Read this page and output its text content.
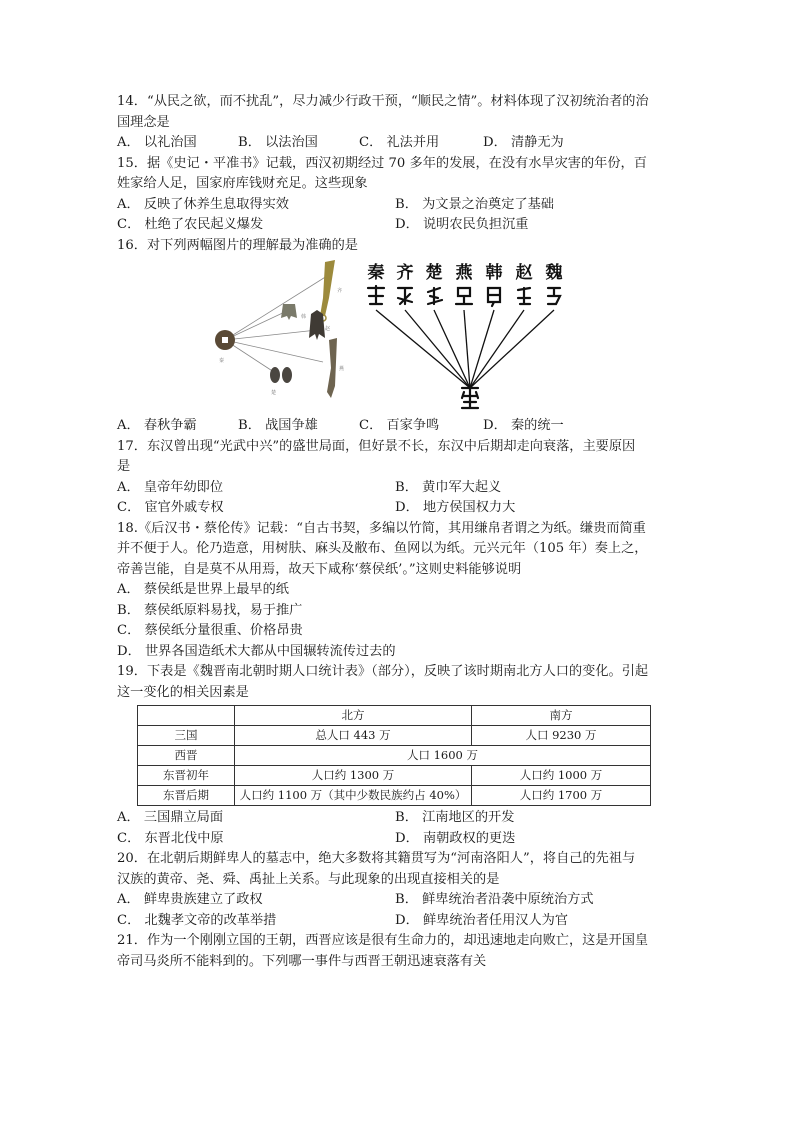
14．“从民之欲，而不扰乱”，尽力减少行政干预，“顺民之情”。材料体现了汉初统治者的治
国理念是
A． 以礼治国	B． 以法治国	C． 礼法并用	D． 清静无为
15．据《史记・平准书》记载，西汉初期经过 70 多年的发展，在没有水旱灾害的年份，百
姓家给人足，国家府库钱财充足。这些现象
A． 反映了休养生息取得实效	B． 为文景之治奠定了基础
C． 杜绝了农民起义爆发	D． 说明农民负担沉重
16．对下列两幅图片的理解最为准确的是
齐
韩
赵
秦
楚
燕
秦 齐 楚 燕 韩 赵 魏
A． 春秋争霸	B． 战国争雄	C． 百家争鸣	D． 秦的统一
17．东汉曾出现“光武中兴”的盛世局面，但好景不长，东汉中后期却走向衰落，主要原因
是
A． 皇帝年幼即位	B． 黄巾军大起义
C． 宦官外戚专权	D． 地方侯国权力大
18.《后汉书・蔡伦传》记载：“自古书契，多编以竹简，其用缣帛者谓之为纸。缣贵而简重
并不便于人。伦乃造意，用树肤、麻头及敝布、鱼网以为纸。元兴元年（105 年）奏上之，
帝善岂能，自是莫不从用焉，故天下咸称‘蔡侯纸’。”这则史料能够说明
A． 蔡侯纸是世界上最早的纸
B． 蔡侯纸原料易找，易于推广
C． 蔡侯纸分量很重、价格昂贵
D． 世界各国造纸术大都从中国辗转流传过去的
19．下表是《魏晋南北朝时期人口统计表》（部分），反映了该时期南北方人口的变化。引起
这一变化的相关因素是
	北方	南方
三国	总人口 443 万	人口 9230 万
西晋	人口 1600 万	
东晋初年	人口约 1300 万	人口约 1000 万
东晋后期	人口约 1100 万（其中少数民族约占 40%）	人口约 1700 万
A． 三国鼎立局面	B． 江南地区的开发
C． 东晋北伐中原	D． 南朝政权的更迭
20．在北朝后期鲜卑人的墓志中，绝大多数将其籍贯写为“河南洛阳人”，将自己的先祖与
汉族的黄帝、尧、舜、禹扯上关系。与此现象的出现直接相关的是
A． 鲜卑贵族建立了政权	B． 鲜卑统治者沿袭中原统治方式
C． 北魏孝文帝的改革举措	D． 鲜卑统治者任用汉人为官
21．作为一个刚刚立国的王朝，西晋应该是很有生命力的，却迅速地走向败亡，这是开国皇
帝司马炎所不能料到的。下列哪一事件与西晋王朝迅速衰落有关
